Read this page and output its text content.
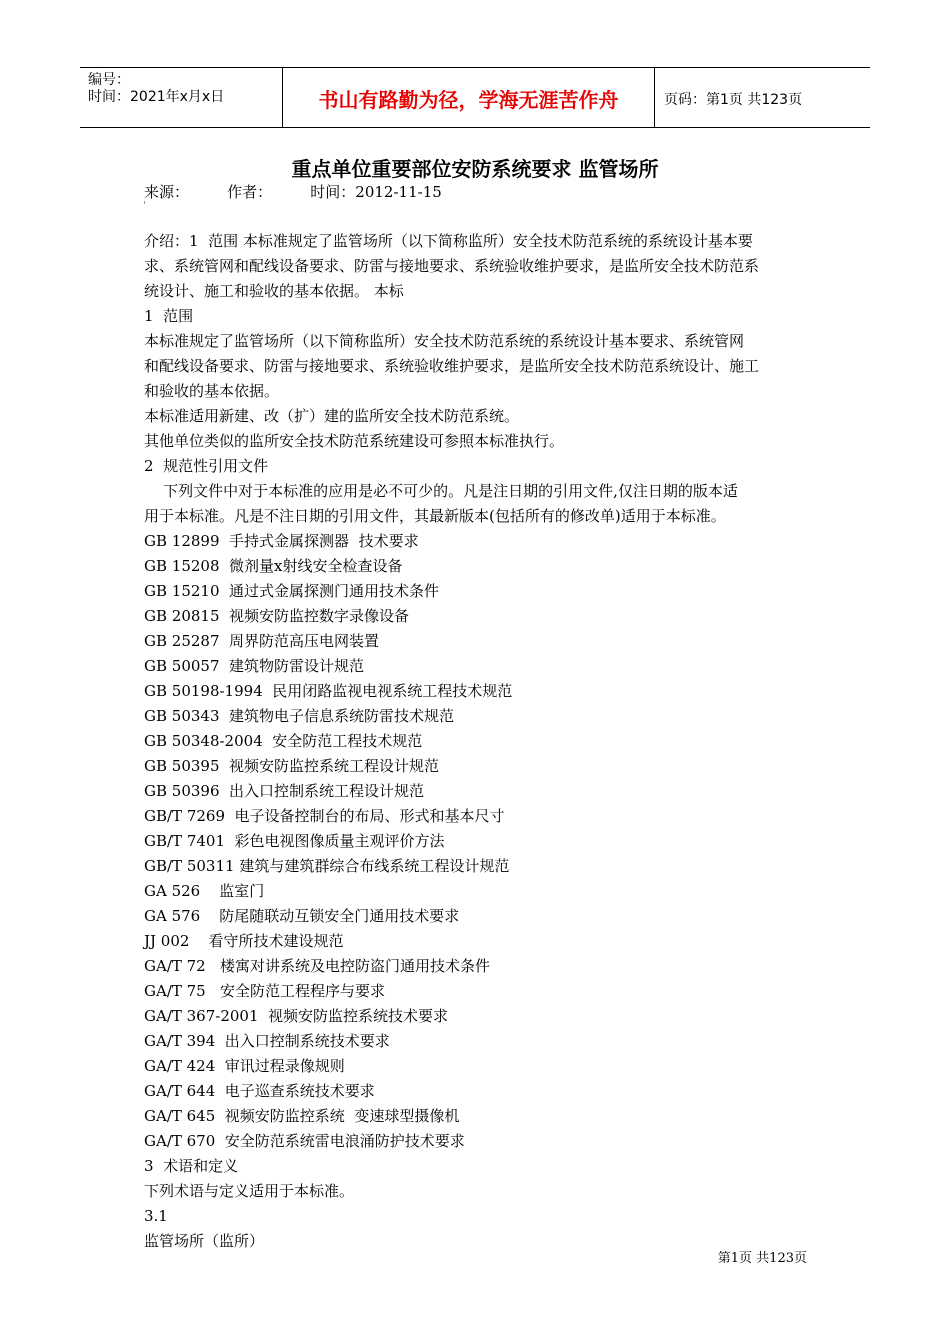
编号：
时间：2021年x月x日	书山有路勤为径，学海无涯苦作舟	页码：第1页 共123页
重点单位重要部位安防系统要求 监管场所
来源：        作者：        时间：2012-11-15
介绍：1  范围 本标准规定了监管场所（以下简称监所）安全技术防范系统的系统设计基本要
求、系统管网和配线设备要求、防雷与接地要求、系统验收维护要求，是监所安全技术防范系
统设计、施工和验收的基本依据。 本标
1  范围
本标准规定了监管场所（以下简称监所）安全技术防范系统的系统设计基本要求、系统管网
和配线设备要求、防雷与接地要求、系统验收维护要求，是监所安全技术防范系统设计、施工
和验收的基本依据。
本标准适用新建、改（扩）建的监所安全技术防范系统。
其他单位类似的监所安全技术防范系统建设可参照本标准执行。
2  规范性引用文件
下列文件中对于本标准的应用是必不可少的。凡是注日期的引用文件,仅注日期的版本适
用于本标准。凡是不注日期的引用文件，其最新版本(包括所有的修改单)适用于本标准。
GB 12899  手持式金属探测器  技术要求
GB 15208  微剂量x射线安全检查设备
GB 15210  通过式金属探测门通用技术条件
GB 20815  视频安防监控数字录像设备
GB 25287  周界防范高压电网装置
GB 50057  建筑物防雷设计规范
GB 50198-1994  民用闭路监视电视系统工程技术规范
GB 50343  建筑物电子信息系统防雷技术规范
GB 50348-2004  安全防范工程技术规范
GB 50395  视频安防监控系统工程设计规范
GB 50396  出入口控制系统工程设计规范
GB/T 7269  电子设备控制台的布局、形式和基本尺寸
GB/T 7401  彩色电视图像质量主观评价方法
GB/T 50311 建筑与建筑群综合布线系统工程设计规范
GA 526    监室门
GA 576    防尾随联动互锁安全门通用技术要求
JJ 002    看守所技术建设规范
GA/T 72   楼寓对讲系统及电控防盗门通用技术条件
GA/T 75   安全防范工程程序与要求
GA/T 367-2001  视频安防监控系统技术要求
GA/T 394  出入口控制系统技术要求
GA/T 424  审讯过程录像规则
GA/T 644  电子巡查系统技术要求
GA/T 645  视频安防监控系统  变速球型摄像机
GA/T 670  安全防范系统雷电浪涌防护技术要求
3  术语和定义
下列术语与定义适用于本标准。
3.1
监管场所（监所）
第1页 共123页
